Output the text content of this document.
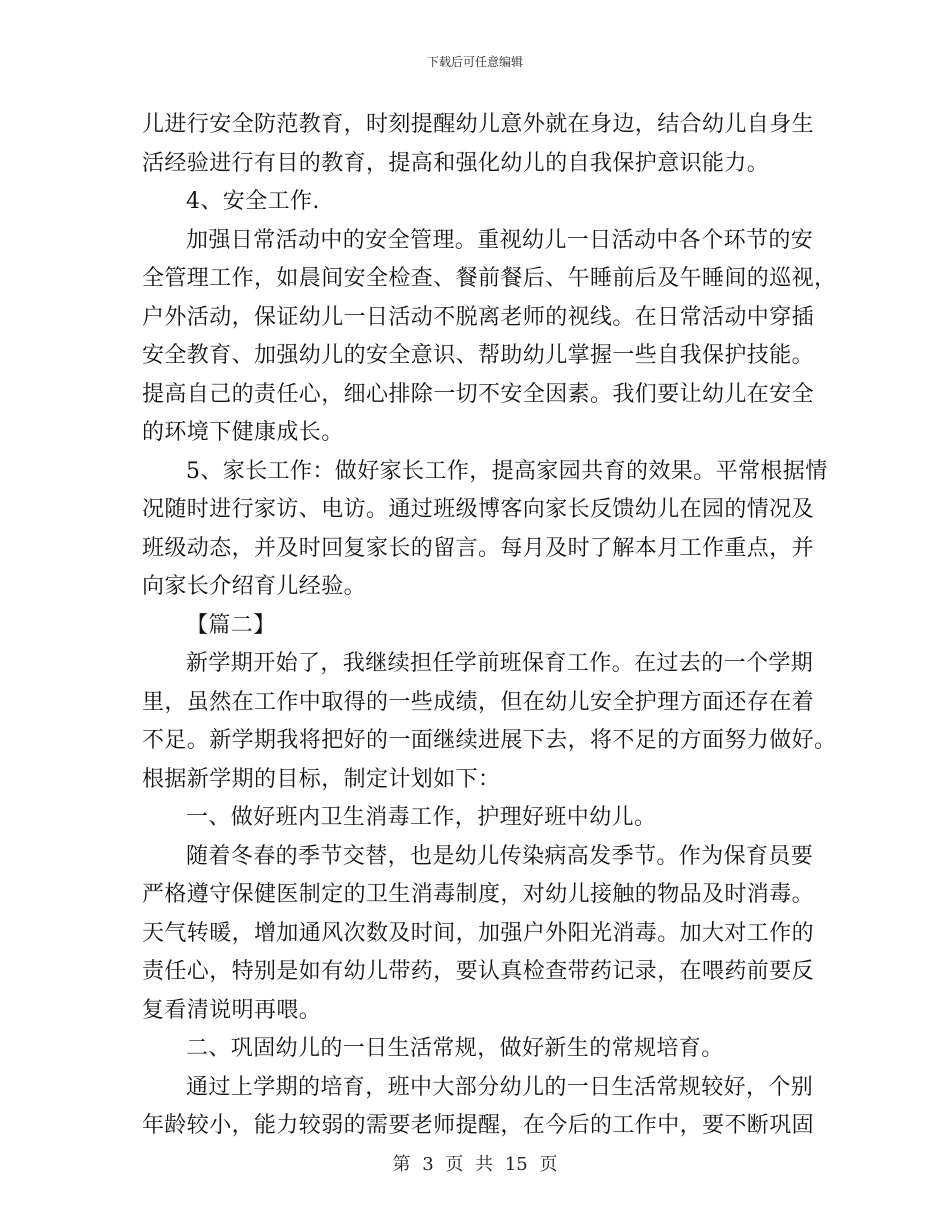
下载后可任意编辑
儿进行安全防范教育，时刻提醒幼儿意外就在身边，结合幼儿自身生
活经验进行有目的教育，提高和强化幼儿的自我保护意识能力。
4、安全工作.
加强日常活动中的安全管理。重视幼儿一日活动中各个环节的安
全管理工作，如晨间安全检查、餐前餐后、午睡前后及午睡间的巡视，
户外活动，保证幼儿一日活动不脱离老师的视线。在日常活动中穿插
安全教育、加强幼儿的安全意识、帮助幼儿掌握一些自我保护技能。
提高自己的责任心，细心排除一切不安全因素。我们要让幼儿在安全
的环境下健康成长。
5、家长工作：做好家长工作，提高家园共育的效果。平常根据情
况随时进行家访、电访。通过班级博客向家长反馈幼儿在园的情况及
班级动态，并及时回复家长的留言。每月及时了解本月工作重点，并
向家长介绍育儿经验。
【篇二】
新学期开始了，我继续担任学前班保育工作。在过去的一个学期
里，虽然在工作中取得的一些成绩，但在幼儿安全护理方面还存在着
不足。新学期我将把好的一面继续进展下去，将不足的方面努力做好。
根据新学期的目标，制定计划如下：
一、做好班内卫生消毒工作，护理好班中幼儿。
随着冬春的季节交替，也是幼儿传染病高发季节。作为保育员要
严格遵守保健医制定的卫生消毒制度，对幼儿接触的物品及时消毒。
天气转暖，增加通风次数及时间，加强户外阳光消毒。加大对工作的
责任心，特别是如有幼儿带药，要认真检查带药记录，在喂药前要反
复看清说明再喂。
二、巩固幼儿的一日生活常规，做好新生的常规培育。
通过上学期的培育，班中大部分幼儿的一日生活常规较好，个别
年龄较小，能力较弱的需要老师提醒，在今后的工作中，要不断巩固
第 3 页 共 15 页
